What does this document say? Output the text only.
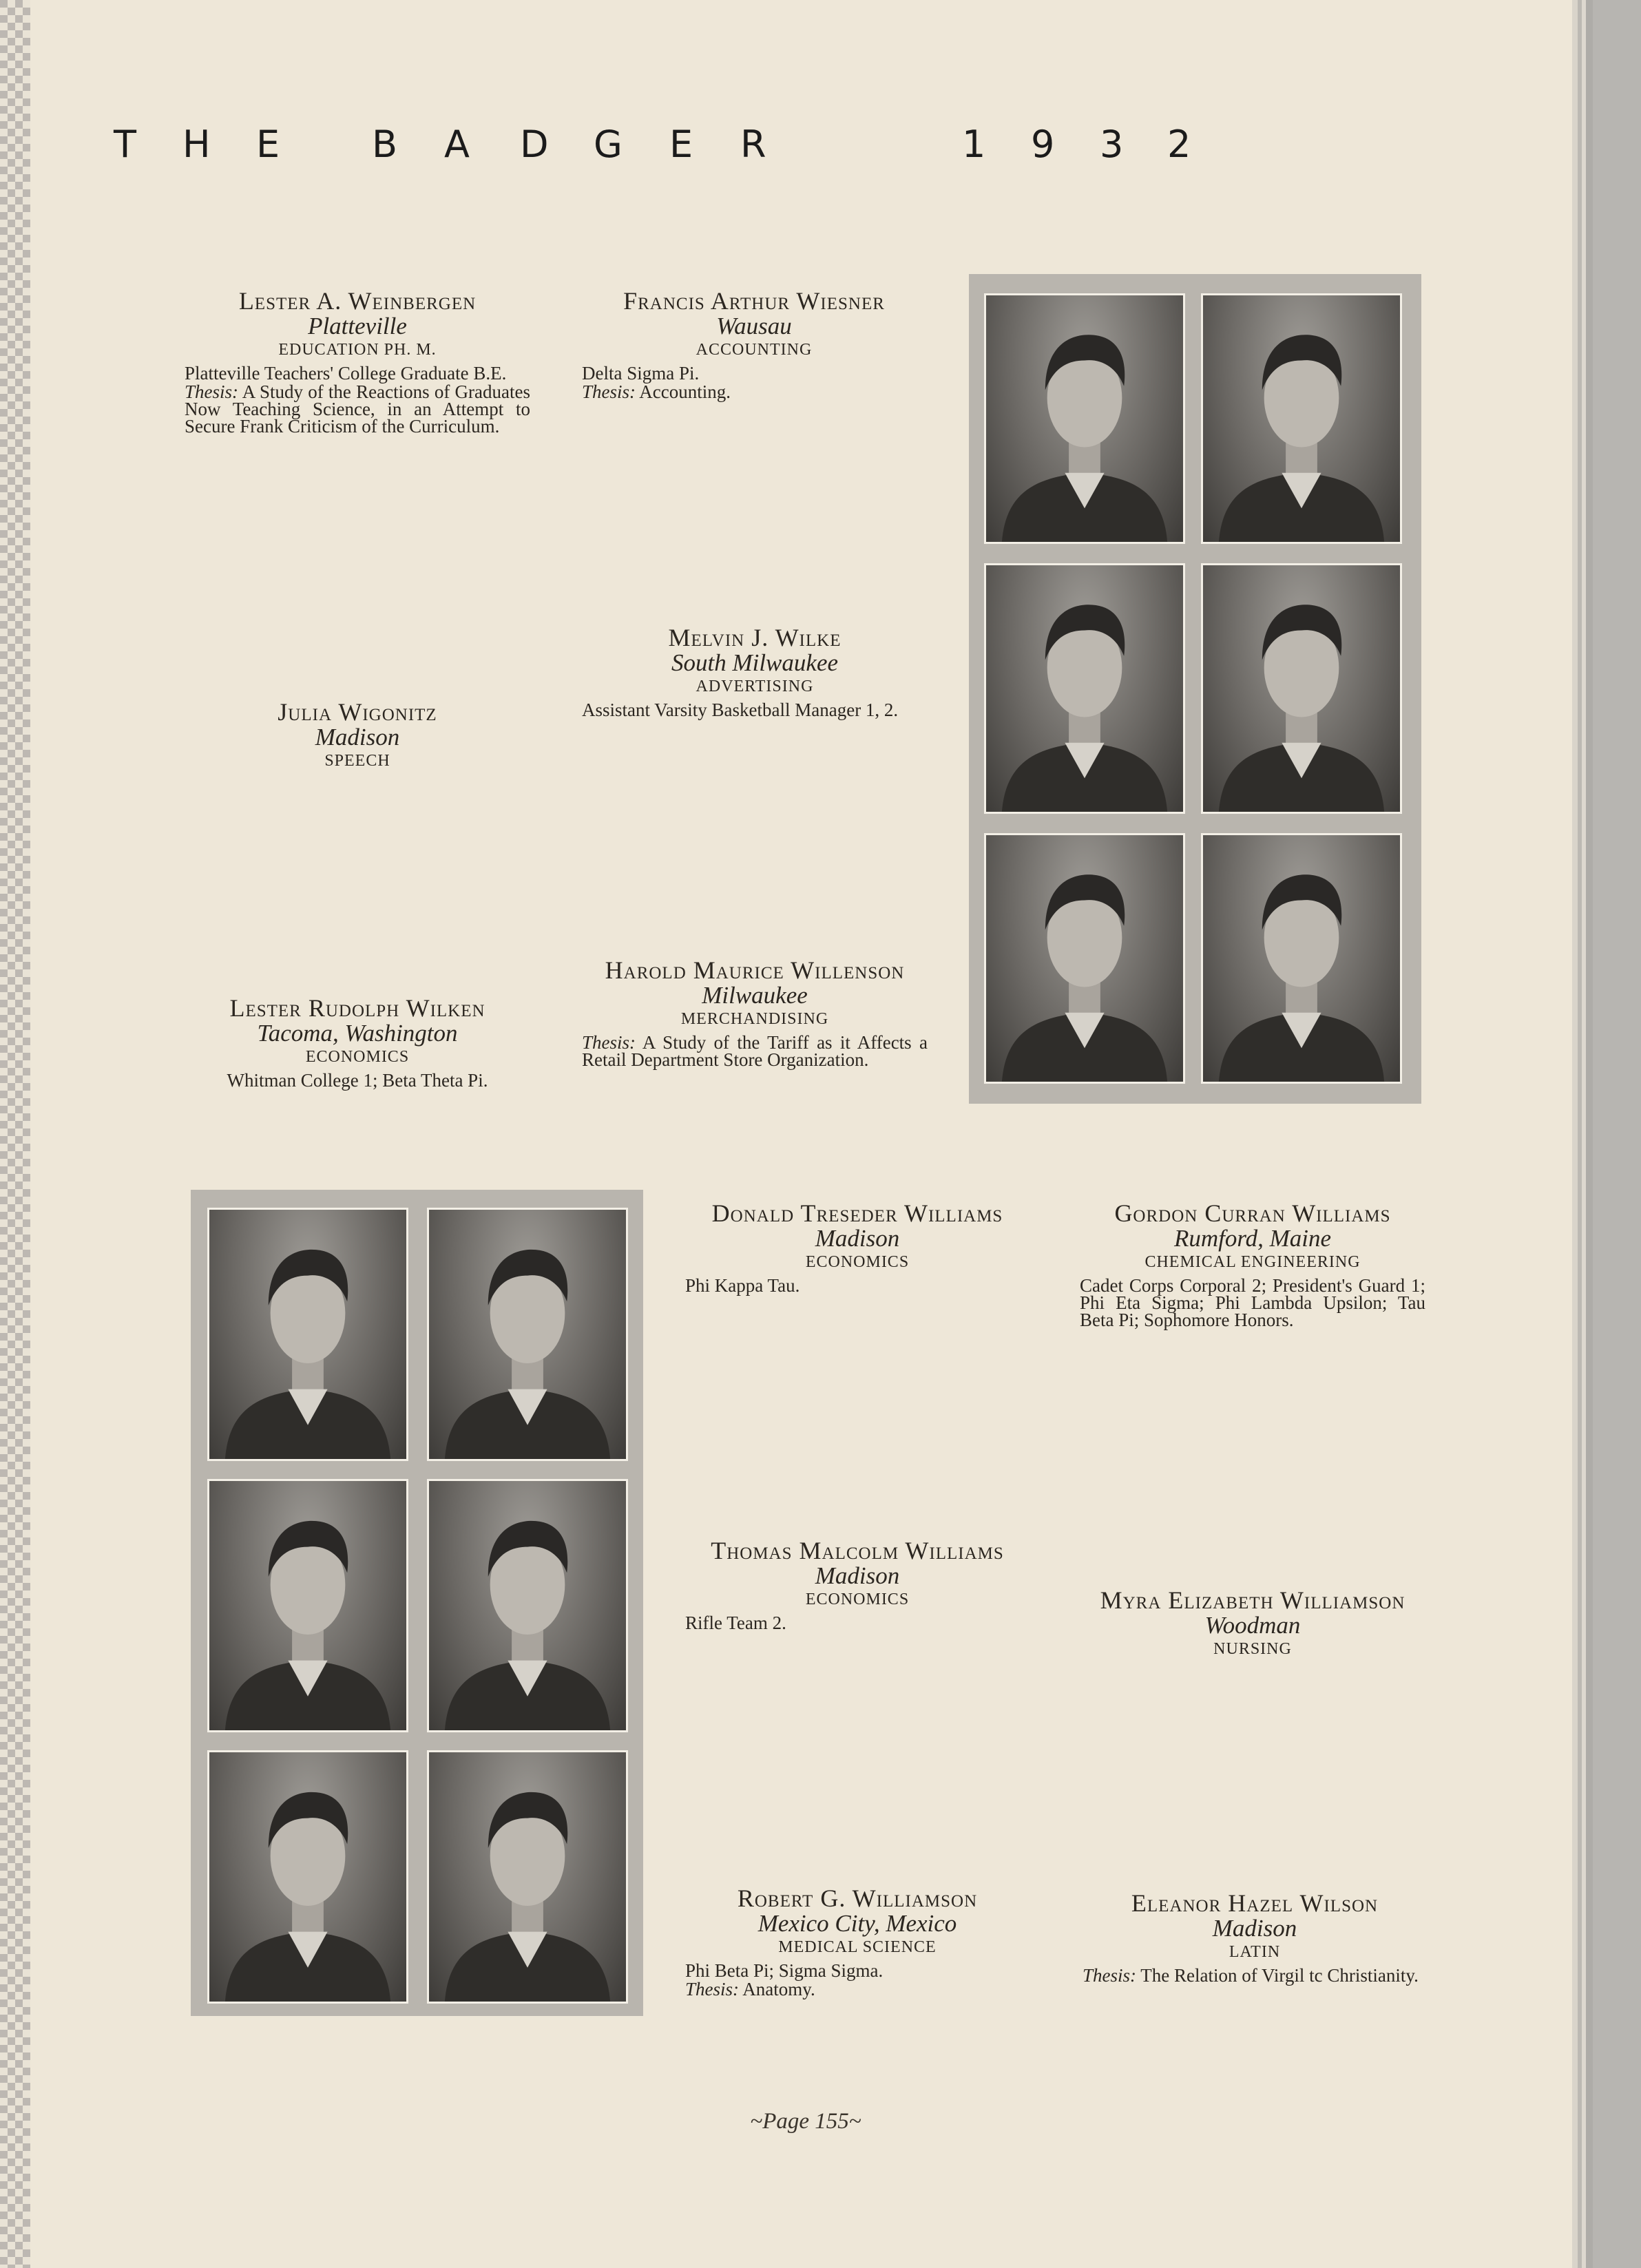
T H E B A D G E R	1 9 3 2
Lester A. Weinbergen
Platteville
EDUCATION PH. M.
Platteville Teachers' College Graduate B.E.
Thesis: A Study of the Reactions of Graduates Now Teaching Science, in an Attempt to Secure Frank Criticism of the Curriculum.
Francis Arthur Wiesner
Wausau
ACCOUNTING
Delta Sigma Pi.
Thesis: Accounting.
Julia Wigonitz
Madison
SPEECH
Melvin J. Wilke
South Milwaukee
ADVERTISING
Assistant Varsity Basketball Manager 1, 2.
Lester Rudolph Wilken
Tacoma, Washington
ECONOMICS
Whitman College 1; Beta Theta Pi.
Harold Maurice Willenson
Milwaukee
MERCHANDISING
Thesis: A Study of the Tariff as it Affects a Retail Department Store Organization.
Donald Treseder Williams
Madison
ECONOMICS
Phi Kappa Tau.
Gordon Curran Williams
Rumford, Maine
CHEMICAL ENGINEERING
Cadet Corps Corporal 2; President's Guard 1; Phi Eta Sigma; Phi Lambda Upsilon; Tau Beta Pi; Sophomore Honors.
Thomas Malcolm Williams
Madison
ECONOMICS
Rifle Team 2.
Myra Elizabeth Williamson
Woodman
NURSING
Robert G. Williamson
Mexico City, Mexico
MEDICAL SCIENCE
Phi Beta Pi; Sigma Sigma.
Thesis: Anatomy.
Eleanor Hazel Wilson
Madison
LATIN
Thesis: The Relation of Virgil tc Christianity.
~Page 155~
